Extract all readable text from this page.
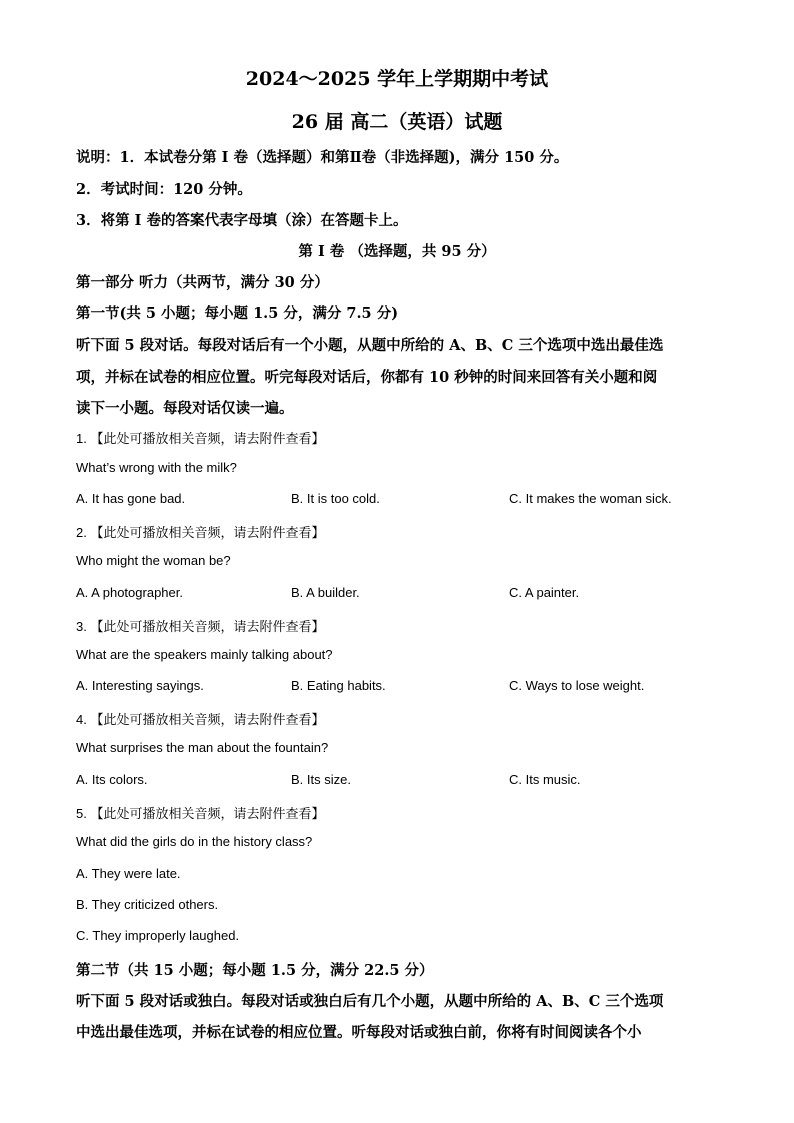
2024～2025 学年上学期期中考试
26 届 高二（英语）试题
说明：1．本试卷分第 I 卷（选择题）和第Ⅱ卷（非选择题)，满分 150 分。
2．考试时间：120 分钟。
3．将第 I 卷的答案代表字母填（涂）在答题卡上。
第 I 卷 （选择题，共 95 分）
第一部分 听力（共两节，满分 30 分）
第一节(共 5 小题；每小题 1.5 分，满分 7.5 分)
听下面 5 段对话。每段对话后有一个小题，从题中所给的 A、B、C 三个选项中选出最佳选
项，并标在试卷的相应位置。听完每段对话后，你都有 10 秒钟的时间来回答有关小题和阅
读下一小题。每段对话仅读一遍。
1. 【此处可播放相关音频，请去附件查看】
What’s wrong with the milk?
A. It has gone bad.	B. It is too cold.	C. It makes the woman sick.
2. 【此处可播放相关音频，请去附件查看】
Who might the woman be?
A. A photographer.	B. A builder.	C. A painter.
3. 【此处可播放相关音频，请去附件查看】
What are the speakers mainly talking about?
A. Interesting sayings.	B. Eating habits.	C. Ways to lose weight.
4. 【此处可播放相关音频，请去附件查看】
What surprises the man about the fountain?
A. Its colors.	B. Its size.	C. Its music.
5. 【此处可播放相关音频，请去附件查看】
What did the girls do in the history class?
A. They were late.
B. They criticized others.
C. They improperly laughed.
第二节（共 15 小题；每小题 1.5 分，满分 22.5 分）
听下面 5 段对话或独白。每段对话或独白后有几个小题，从题中所给的 A、B、C 三个选项
中选出最佳选项，并标在试卷的相应位置。听每段对话或独白前，你将有时间阅读各个小
